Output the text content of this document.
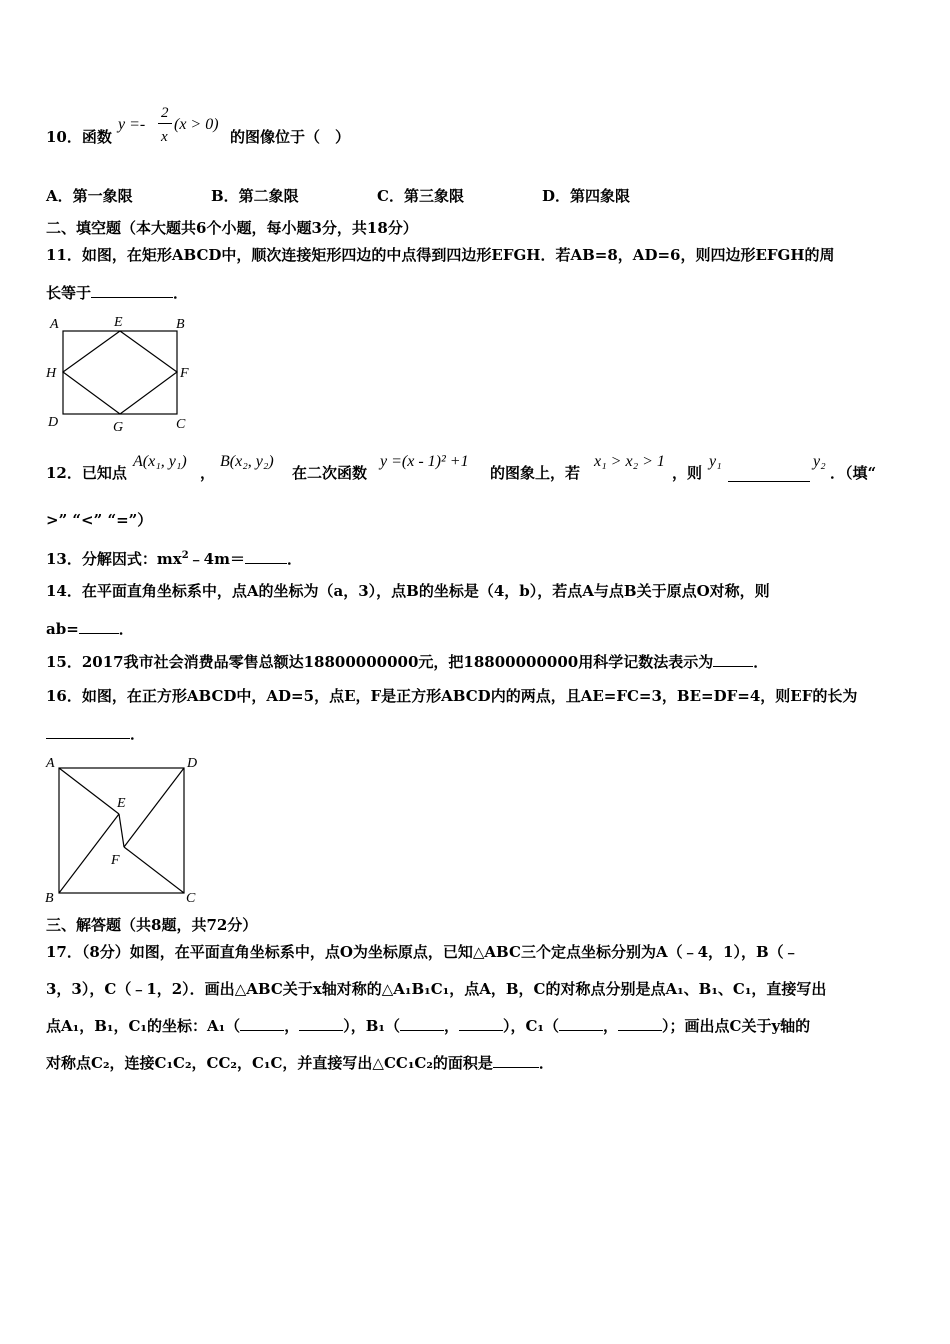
10．函数
y =-
2
x
(x > 0)
的图像位于（　）
A．第一象限	B．第二象限	C．第三象限	D．第四象限
二、填空题（本大题共6个小题，每小题3分，共18分）
11．如图，在矩形ABCD中，顺次连接矩形四边的中点得到四边形EFGH．若AB=8，AD=6，则四边形EFGH的周
长等于	．
A	E	B
H	F
D	G	C
12．已知点
A(x₁, y₁)
，
B(x₂, y₂)
在二次函数
y =(x - 1)² +1
的图象上，若
x₁ > x₂ > 1
，则
y₁	y₂
．（填“
>” “<” “=”）
13．分解因式：$mx^2﹣4m=$	．
14．在平面直角坐标系中，点A的坐标为（a，3），点B的坐标是（4，b），若点A与点B关于原点O对称，则
ab=	．
15．2017我市社会消费品零售总额达18800000000元，把18800000000用科学记数法表示为	．
16．如图，在正方形ABCD中，AD=5，点E，F是正方形ABCD内的两点，且AE=FC=3，BE=DF=4，则EF的长为
．
A	D
E
F
B	C
三、解答题（共8题，共72分）
17．（8分）如图，在平面直角坐标系中，点O为坐标原点，已知△ABC三个定点坐标分别为A（﹣4，1），B（﹣
3，3），C（﹣1，2）．画出△ABC关于x轴对称的△A₁B₁C₁，点A，B，C的对称点分别是点A₁、B₁、C₁，直接写出
点A₁，B₁，C₁的坐标：A₁（	，	），B₁（	，	），C₁（	，	）；画出点C关于y轴的
对称点C₂，连接C₁C₂，CC₂，C₁C，并直接写出△CC₁C₂的面积是	．
